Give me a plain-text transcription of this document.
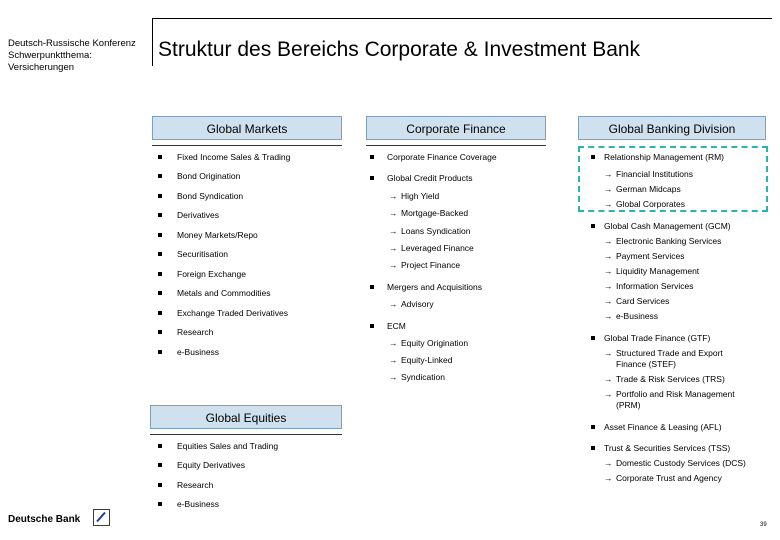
Deutsch-Russische Konferenz
Schwerpunktthema:
Versicherungen
Struktur des Bereichs Corporate & Investment Bank
Global Markets
Fixed Income Sales & Trading
Bond Origination
Bond Syndication
Derivatives
Money Markets/Repo
Securitisation
Foreign Exchange
Metals and Commodities
Exchange Traded Derivatives
Research
e-Business
Global Equities
Equities Sales and Trading
Equity Derivatives
Research
e-Business
Corporate Finance
Corporate Finance Coverage
Global Credit Products
→ High Yield
→ Mortgage-Backed
→ Loans Syndication
→ Leveraged Finance
→ Project Finance
Mergers and Acquisitions
→ Advisory
ECM
→ Equity Origination
→ Equity-Linked
→ Syndication
Global Banking Division
Relationship Management (RM)
→ Financial Institutions
→ German Midcaps
→ Global Corporates
Global Cash Management (GCM)
→ Electronic Banking Services
→ Payment Services
→ Liquidity Management
→ Information Services
→ Card Services
→ e-Business
Global Trade Finance (GTF)
→ Structured Trade and Export
Finance (STEF)
→ Trade & Risk Services (TRS)
→ Portfolio and Risk Management
(PRM)
Asset Finance & Leasing (AFL)
Trust & Securities Services (TSS)
→ Domestic Custody Services (DCS)
→ Corporate Trust and Agency
Deutsche Bank	39
